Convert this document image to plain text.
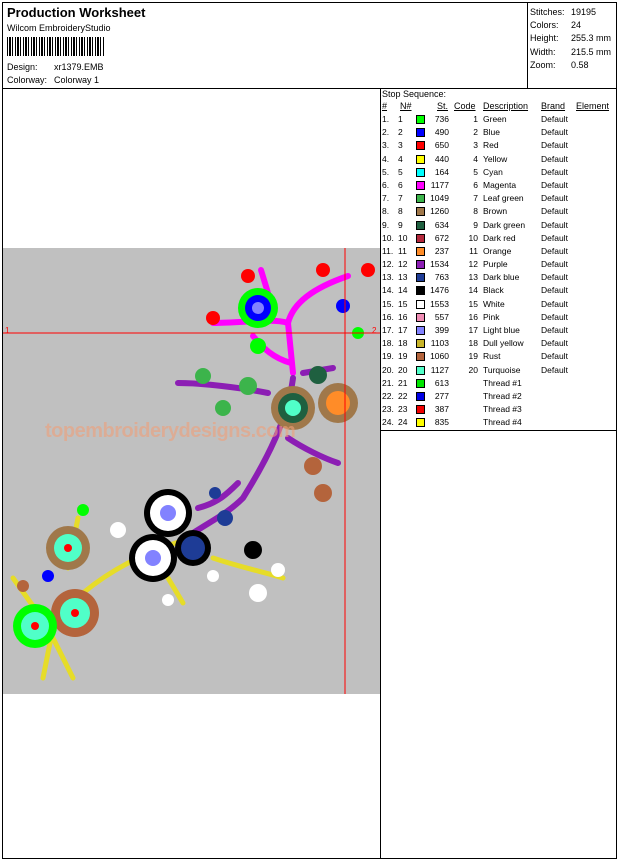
Production Worksheet
Wilcom EmbroideryStudio
Design: xr1379.EMB
Colorway: Colorway 1
Stitches: 19195
Colors: 24
Height: 255.3 mm
Width: 215.5 mm
Zoom: 0.58
topembroiderydesigns.com
1	2
Stop Sequence:
# N#	St. Code Description Brand Element
1. 1	736	1 Green	Default
2. 2	490	2 Blue	Default
3. 3	650	3 Red	Default
4. 4	440	4 Yellow	Default
5. 5	164	5 Cyan	Default
6. 6	1177	6 Magenta	Default
7. 7	1049	7 Leaf green Default
8. 8	1260	8 Brown	Default
9. 9	634	9 Dark green Default
10. 10	672	10 Dark red	Default
11. 11	237	11 Orange	Default
12. 12	1534	12 Purple	Default
13. 13	763	13 Dark blue	Default
14. 14	1476	14 Black	Default
15. 15	1553	15 White	Default
16. 16	557	16 Pink	Default
17. 17	399	17 Light blue Default
18. 18	1103	18 Dull yellow Default
19. 19	1060	19 Rust	Default
20. 20	1127	20 Turquoise Default
21. 21	613	Thread #1
22. 22	277	Thread #2
23. 23	387	Thread #3
24. 24	835	Thread #4
